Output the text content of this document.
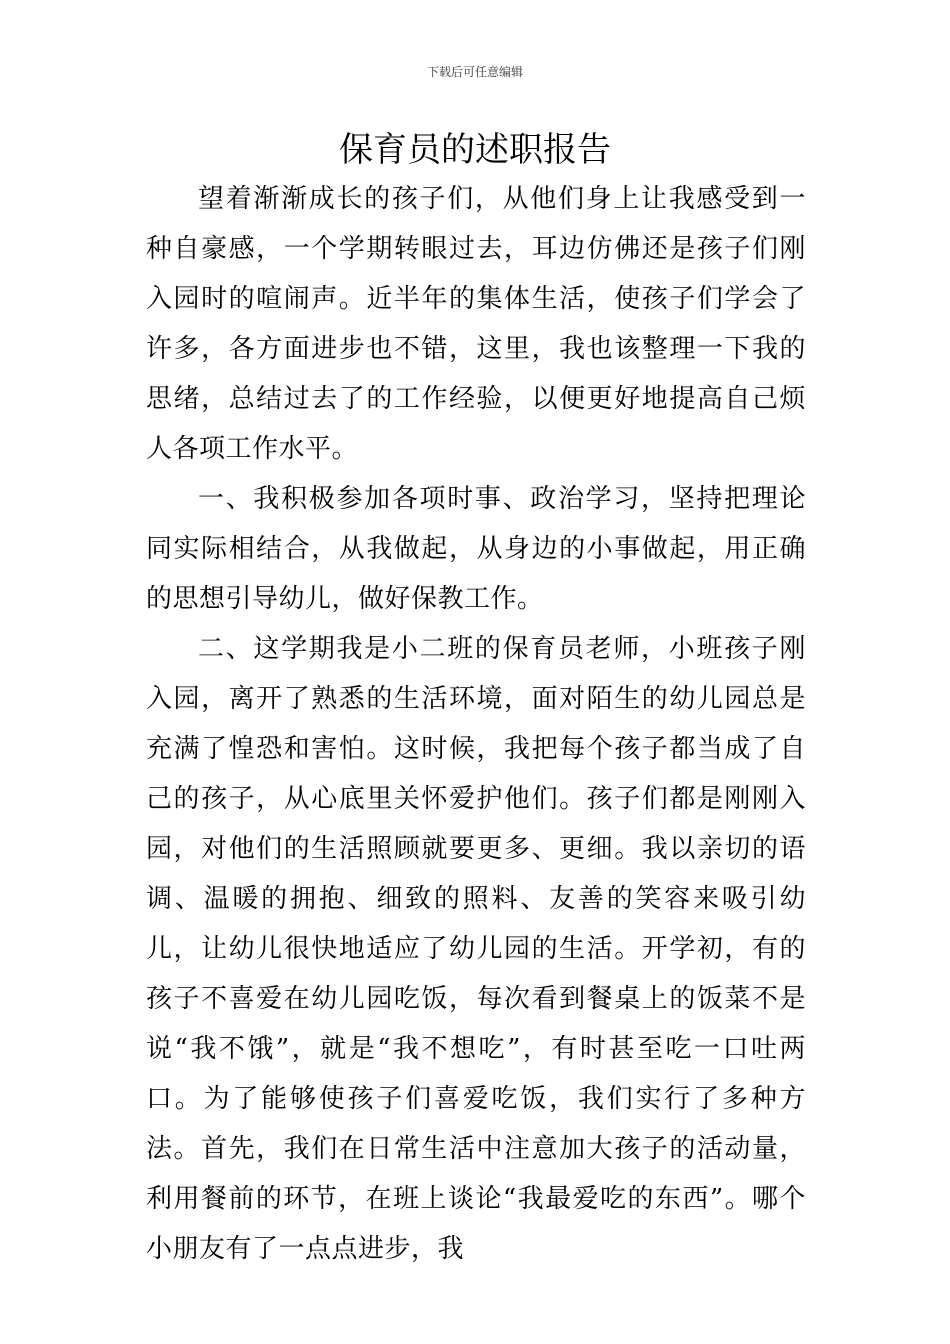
下载后可任意编辑
保育员的述职报告

望着渐渐成长的孩子们，从他们身上让我感受到一种自豪感，一个学期转眼过去，耳边仿佛还是孩子们刚入园时的喧闹声。近半年的集体生活，使孩子们学会了许多，各方面进步也不错，这里，我也该整理一下我的思绪，总结过去了的工作经验，以便更好地提高自己烦人各项工作水平。

一、我积极参加各项时事、政治学习，坚持把理论同实际相结合，从我做起，从身边的小事做起，用正确的思想引导幼儿，做好保教工作。

二、这学期我是小二班的保育员老师，小班孩子刚入园，离开了熟悉的生活环境，面对陌生的幼儿园总是充满了惶恐和害怕。这时候，我把每个孩子都当成了自己的孩子，从心底里关怀爱护他们。孩子们都是刚刚入园，对他们的生活照顾就要更多、更细。我以亲切的语调、温暖的拥抱、细致的照料、友善的笑容来吸引幼儿，让幼儿很快地适应了幼儿园的生活。开学初，有的孩子不喜爱在幼儿园吃饭，每次看到餐桌上的饭菜不是说“我不饿”，就是“我不想吃”，有时甚至吃一口吐两口。为了能够使孩子们喜爱吃饭，我们实行了多种方法。首先，我们在日常生活中注意加大孩子的活动量，利用餐前的环节，在班上谈论“我最爱吃的东西”。哪个小朋友有了一点点进步，我
